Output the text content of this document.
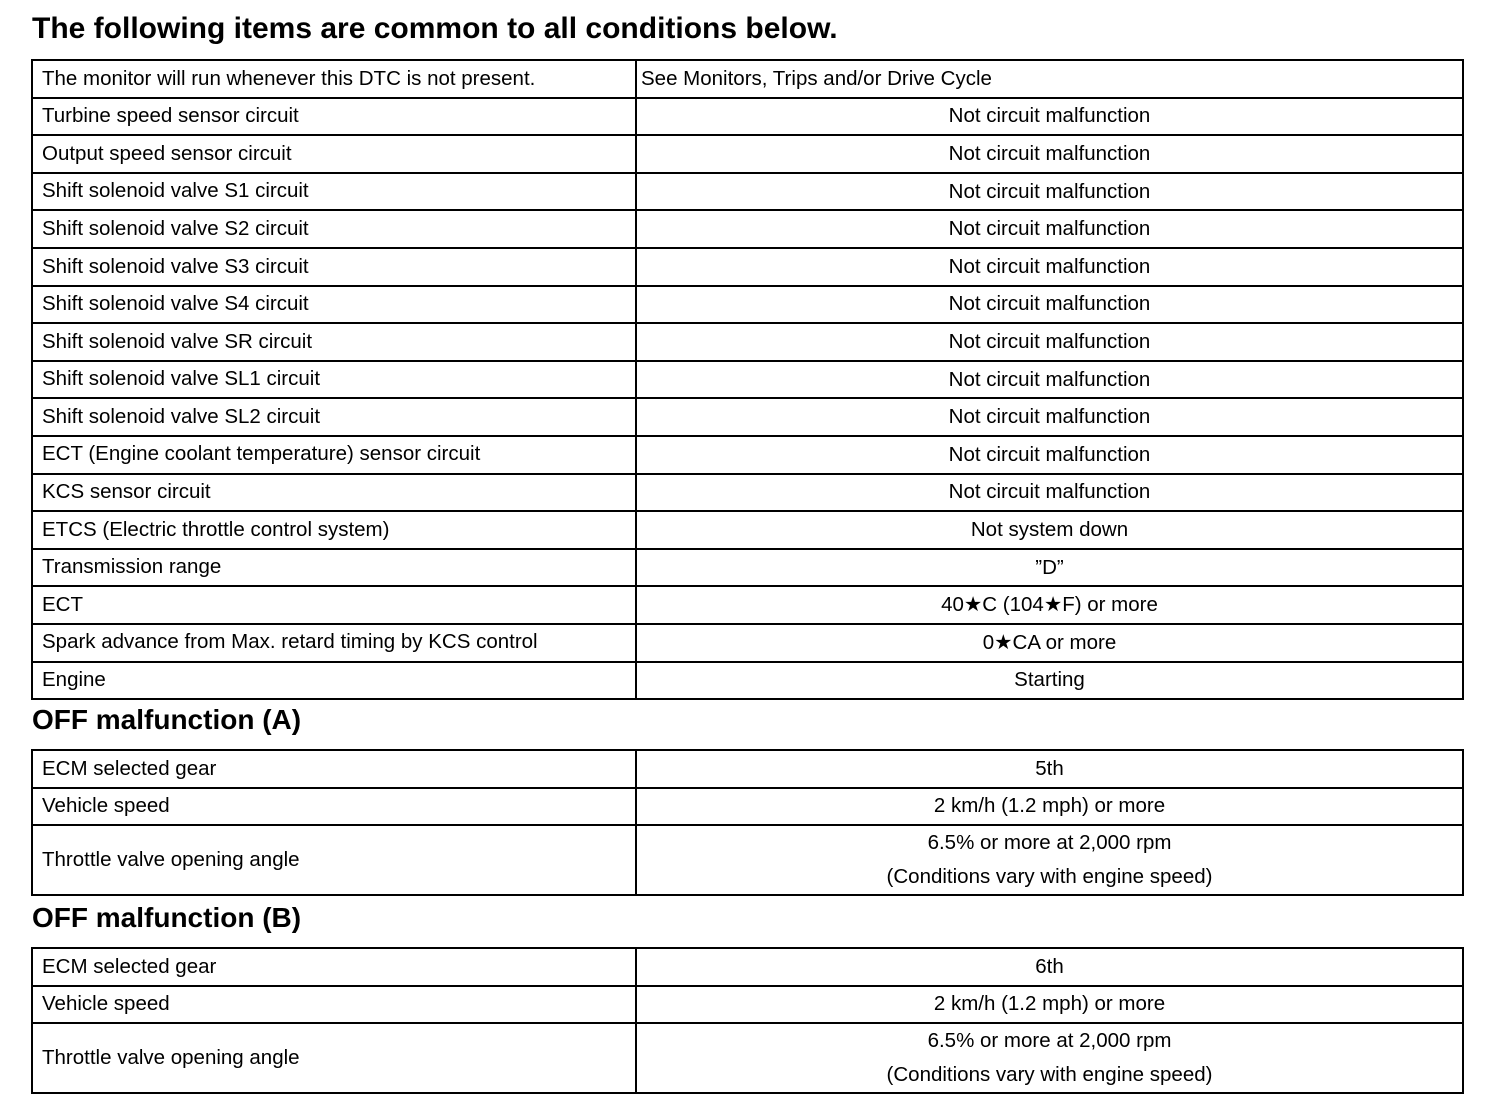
The following items are common to all conditions below.
The monitor will run whenever this DTC is not present.	See Monitors, Trips and/or Drive Cycle
Turbine speed sensor circuit	Not circuit malfunction
Output speed sensor circuit	Not circuit malfunction
Shift solenoid valve S1 circuit	Not circuit malfunction
Shift solenoid valve S2 circuit	Not circuit malfunction
Shift solenoid valve S3 circuit	Not circuit malfunction
Shift solenoid valve S4 circuit	Not circuit malfunction
Shift solenoid valve SR circuit	Not circuit malfunction
Shift solenoid valve SL1 circuit	Not circuit malfunction
Shift solenoid valve SL2 circuit	Not circuit malfunction
ECT (Engine coolant temperature) sensor circuit	Not circuit malfunction
KCS sensor circuit	Not circuit malfunction
ETCS (Electric throttle control system)	Not system down
Transmission range	”D”
ECT	40★C (104★F) or more
Spark advance from Max. retard timing by KCS control	0★CA or more
Engine	Starting
OFF malfunction (A)
ECM selected gear	5th
Vehicle speed	2 km/h (1.2 mph) or more
Throttle valve opening angle	6.5% or more at 2,000 rpm
(Conditions vary with engine speed)
OFF malfunction (B)
ECM selected gear	6th
Vehicle speed	2 km/h (1.2 mph) or more
Throttle valve opening angle	6.5% or more at 2,000 rpm
(Conditions vary with engine speed)
